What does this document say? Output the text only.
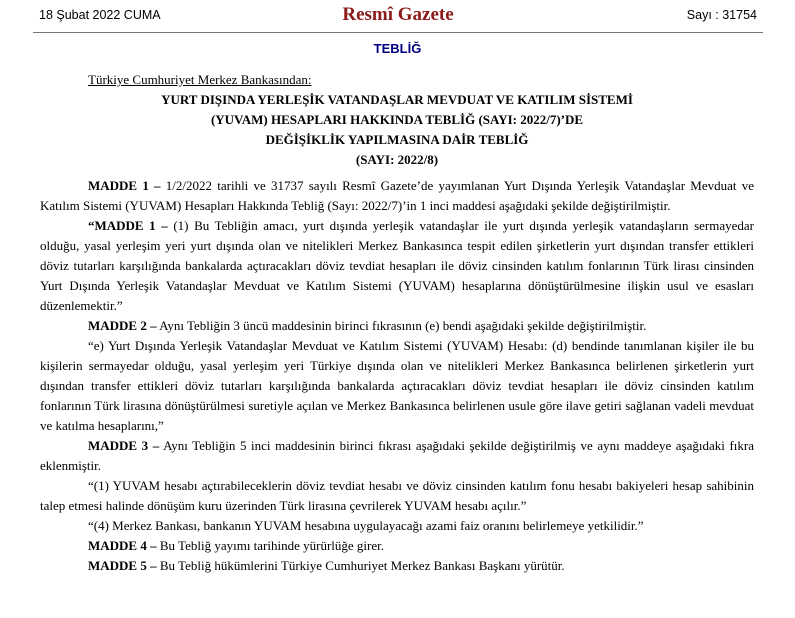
18 Şubat 2022 CUMA	Resmî Gazete	Sayı : 31754
TEBLİĞ
Türkiye Cumhuriyet Merkez Bankasından:
YURT DIŞINDA YERLEŞİK VATANDAŞLAR MEVDUAT VE KATILIM SİSTEMİ
(YUVAM) HESAPLARI HAKKINDA TEBLİĞ (SAYI: 2022/7)’DE
DEĞİŞİKLİK YAPILMASINA DAİR TEBLİĞ
(SAYI: 2022/8)

MADDE 1 – 1/2/2022 tarihli ve 31737 sayılı Resmî Gazete’de yayımlanan Yurt Dışında Yerleşik Vatandaşlar Mevduat ve Katılım Sistemi (YUVAM) Hesapları Hakkında Tebliğ (Sayı: 2022/7)’in 1 inci maddesi aşağıdaki şekilde değiştirilmiştir.

“MADDE 1 – (1) Bu Tebliğin amacı, yurt dışında yerleşik vatandaşlar ile yurt dışında yerleşik vatandaşların sermayedar olduğu, yasal yerleşim yeri yurt dışında olan ve nitelikleri Merkez Bankasınca tespit edilen şirketlerin yurt dışından transfer ettikleri döviz tutarları karşılığında bankalarda açtıracakları döviz tevdiat hesapları ile döviz cinsinden katılım fonlarının Türk lirası cinsinden Yurt Dışında Yerleşik Vatandaşlar Mevduat ve Katılım Sistemi (YUVAM) hesaplarına dönüştürülmesine ilişkin usul ve esasları düzenlemektir.”

MADDE 2 – Aynı Tebliğin 3 üncü maddesinin birinci fıkrasının (e) bendi aşağıdaki şekilde değiştirilmiştir.

“e) Yurt Dışında Yerleşik Vatandaşlar Mevduat ve Katılım Sistemi (YUVAM) Hesabı: (d) bendinde tanımlanan kişiler ile bu kişilerin sermayedar olduğu, yasal yerleşim yeri Türkiye dışında olan ve nitelikleri Merkez Bankasınca belirlenen şirketlerin yurt dışından transfer ettikleri döviz tutarları karşılığında bankalarda açtıracakları döviz tevdiat hesapları ile döviz cinsinden katılım fonlarının Türk lirasına dönüştürülmesi suretiyle açılan ve Merkez Bankasınca belirlenen usule göre ilave getiri sağlanan vadeli mevduat ve katılma hesaplarını,”

MADDE 3 – Aynı Tebliğin 5 inci maddesinin birinci fıkrası aşağıdaki şekilde değiştirilmiş ve aynı maddeye aşağıdaki fıkra eklenmiştir.

“(1) YUVAM hesabı açtırabileceklerin döviz tevdiat hesabı ve döviz cinsinden katılım fonu hesabı bakiyeleri hesap sahibinin talep etmesi halinde dönüşüm kuru üzerinden Türk lirasına çevrilerek YUVAM hesabı açılır.”

“(4) Merkez Bankası, bankanın YUVAM hesabına uygulayacağı azami faiz oranını belirlemeye yetkilidir.”

MADDE 4 – Bu Tebliğ yayımı tarihinde yürürlüğe girer.

MADDE 5 – Bu Tebliğ hükümlerini Türkiye Cumhuriyet Merkez Bankası Başkanı yürütür.
